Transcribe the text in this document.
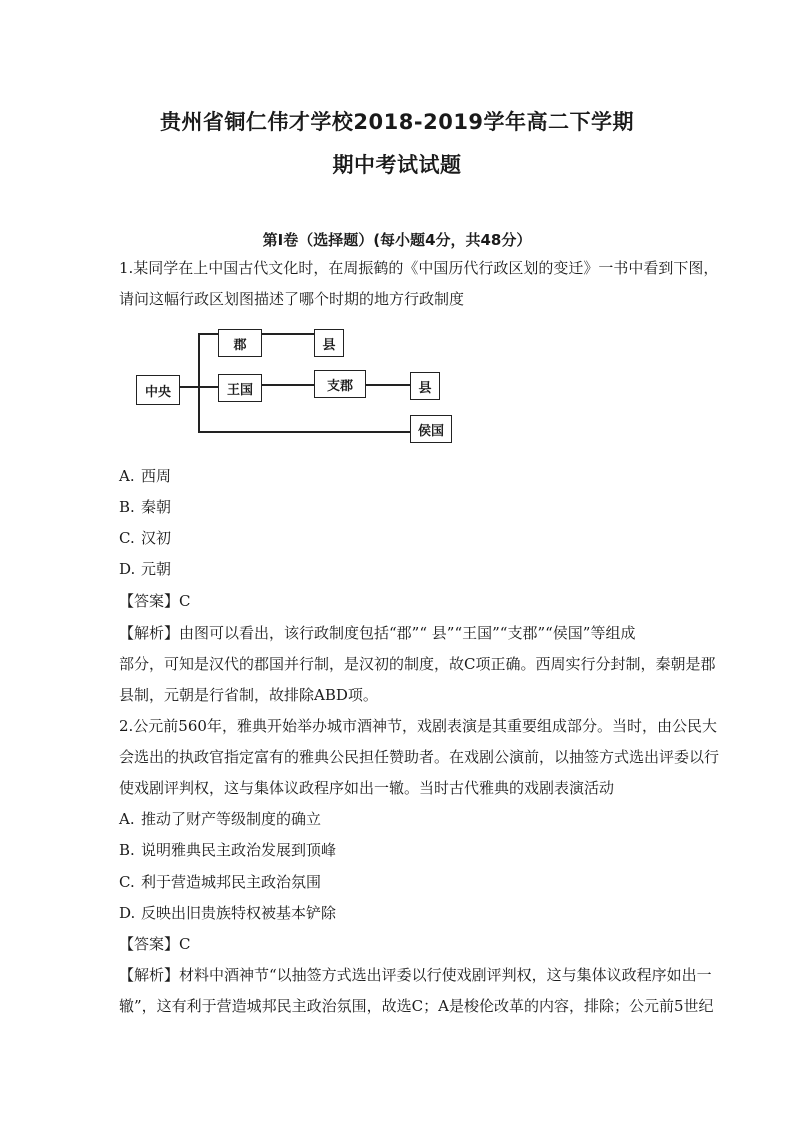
贵州省铜仁伟才学校2018-2019学年高二下学期
期中考试试题
第I卷（选择题）(每小题4分，共48分）
1.某同学在上中国古代文化时，在周振鹤的《中国历代行政区划的变迁》一书中看到下图，
请问这幅行政区划图描述了哪个时期的地方行政制度
中央
郡	县
王国	支郡	县
侯国
A. 西周
B. 秦朝
C. 汉初
D. 元朝
【答案】C
【解析】由图可以看出，该行政制度包括“郡”“ 县”“王国”“支郡”“侯国”等组成
部分，可知是汉代的郡国并行制，是汉初的制度，故C项正确。西周实行分封制，秦朝是郡
县制，元朝是行省制，故排除ABD项。
2.公元前560年，雅典开始举办城市酒神节，戏剧表演是其重要组成部分。当时，由公民大
会选出的执政官指定富有的雅典公民担任赞助者。在戏剧公演前，以抽签方式选出评委以行
使戏剧评判权，这与集体议政程序如出一辙。当时古代雅典的戏剧表演活动
A. 推动了财产等级制度的确立
B. 说明雅典民主政治发展到顶峰
C. 利于营造城邦民主政治氛围
D. 反映出旧贵族特权被基本铲除
【答案】C
【解析】材料中酒神节“以抽签方式选出评委以行使戏剧评判权，这与集体议政程序如出一
辙”，这有利于营造城邦民主政治氛围，故选C；A是梭伦改革的内容，排除；公元前5世纪
